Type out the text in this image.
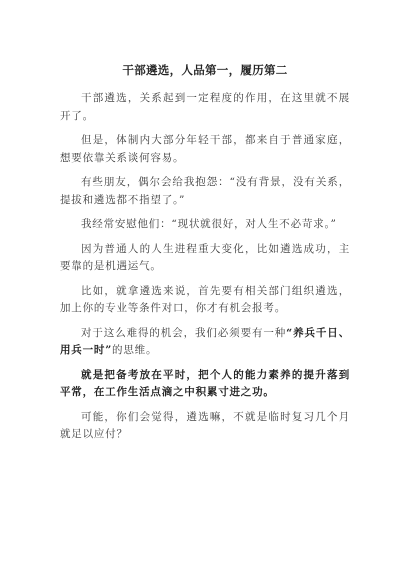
干部遴选，人品第一，履历第二

干部遴选，关系起到一定程度的作用，在这里就不展开了。

但是，体制内大部分年轻干部，都来自于普通家庭，想要依靠关系谈何容易。

有些朋友，偶尔会给我抱怨：“没有背景，没有关系，提拔和遴选都不指望了。”

我经常安慰他们：“现状就很好，对人生不必苛求。”

因为普通人的人生进程重大变化，比如遴选成功，主要靠的是机遇运气。

比如，就拿遴选来说，首先要有相关部门组织遴选，加上你的专业等条件对口，你才有机会报考。

对于这么难得的机会，我们必须要有一种“养兵千日、用兵一时”的思维。

就是把备考放在平时，把个人的能力素养的提升落到平常，在工作生活点滴之中积累寸进之功。

可能，你们会觉得，遴选嘛，不就是临时复习几个月就足以应付？
